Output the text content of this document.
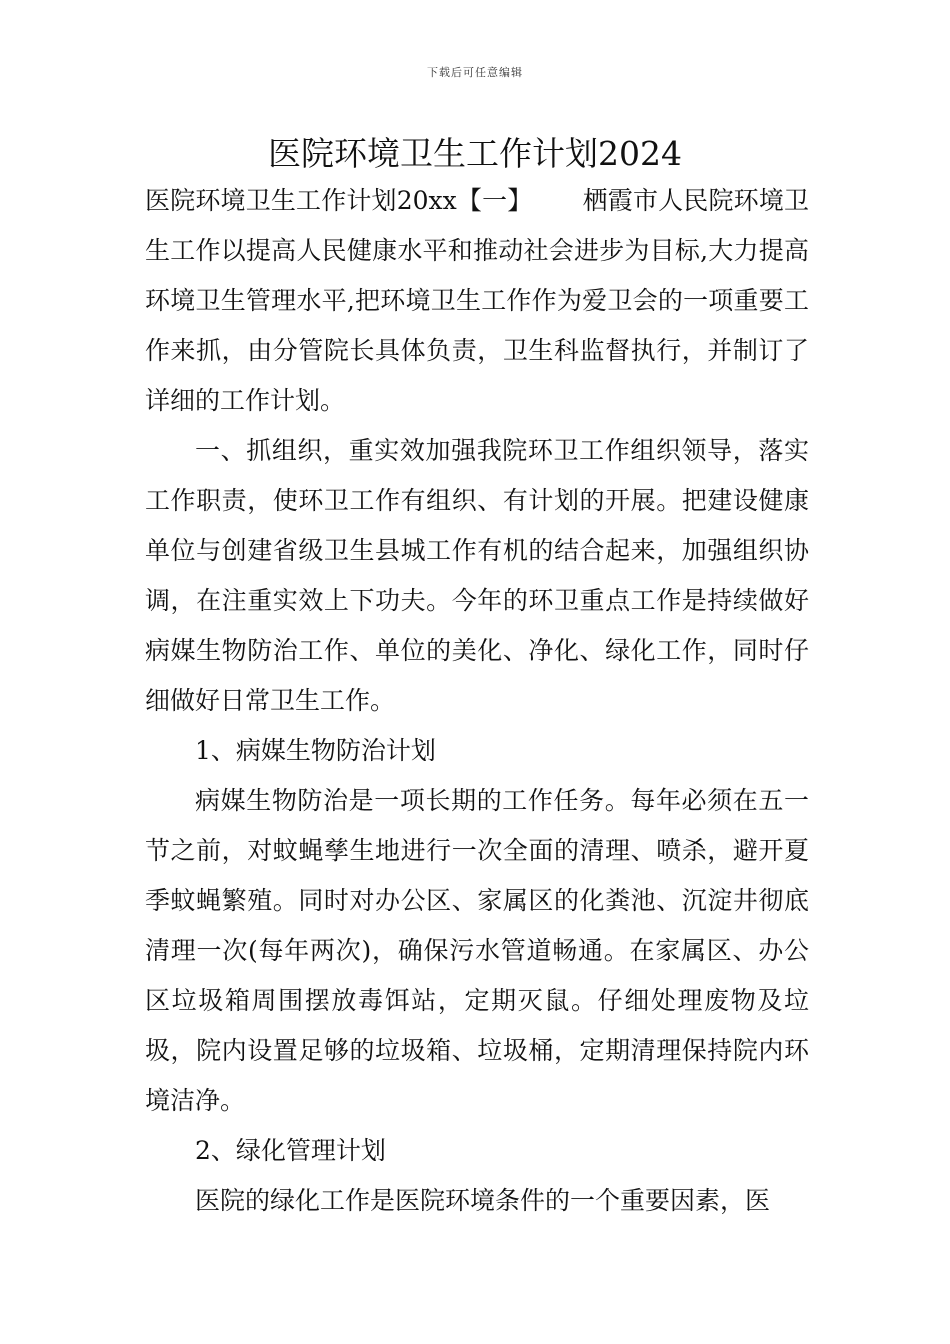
下载后可任意编辑
医院环境卫生工作计划2024

医院环境卫生工作计划20xx【一】 栖霞市人民院环境卫生工作以提高人民健康水平和推动社会进步为目标,大力提高环境卫生管理水平,把环境卫生工作作为爱卫会的一项重要工作来抓，由分管院长具体负责，卫生科监督执行，并制订了详细的工作计划。

一、抓组织，重实效加强我院环卫工作组织领导，落实工作职责，使环卫工作有组织、有计划的开展。把建设健康单位与创建省级卫生县城工作有机的结合起来，加强组织协调，在注重实效上下功夫。今年的环卫重点工作是持续做好病媒生物防治工作、单位的美化、净化、绿化工作，同时仔细做好日常卫生工作。

1、病媒生物防治计划

病媒生物防治是一项长期的工作任务。每年必须在五一节之前，对蚊蝇孳生地进行一次全面的清理、喷杀，避开夏季蚊蝇繁殖。同时对办公区、家属区的化粪池、沉淀井彻底清理一次(每年两次)，确保污水管道畅通。在家属区、办公区垃圾箱周围摆放毒饵站，定期灭鼠。仔细处理废物及垃圾，院内设置足够的垃圾箱、垃圾桶，定期清理保持院内环境洁净。

2、绿化管理计划

医院的绿化工作是医院环境条件的一个重要因素，医
